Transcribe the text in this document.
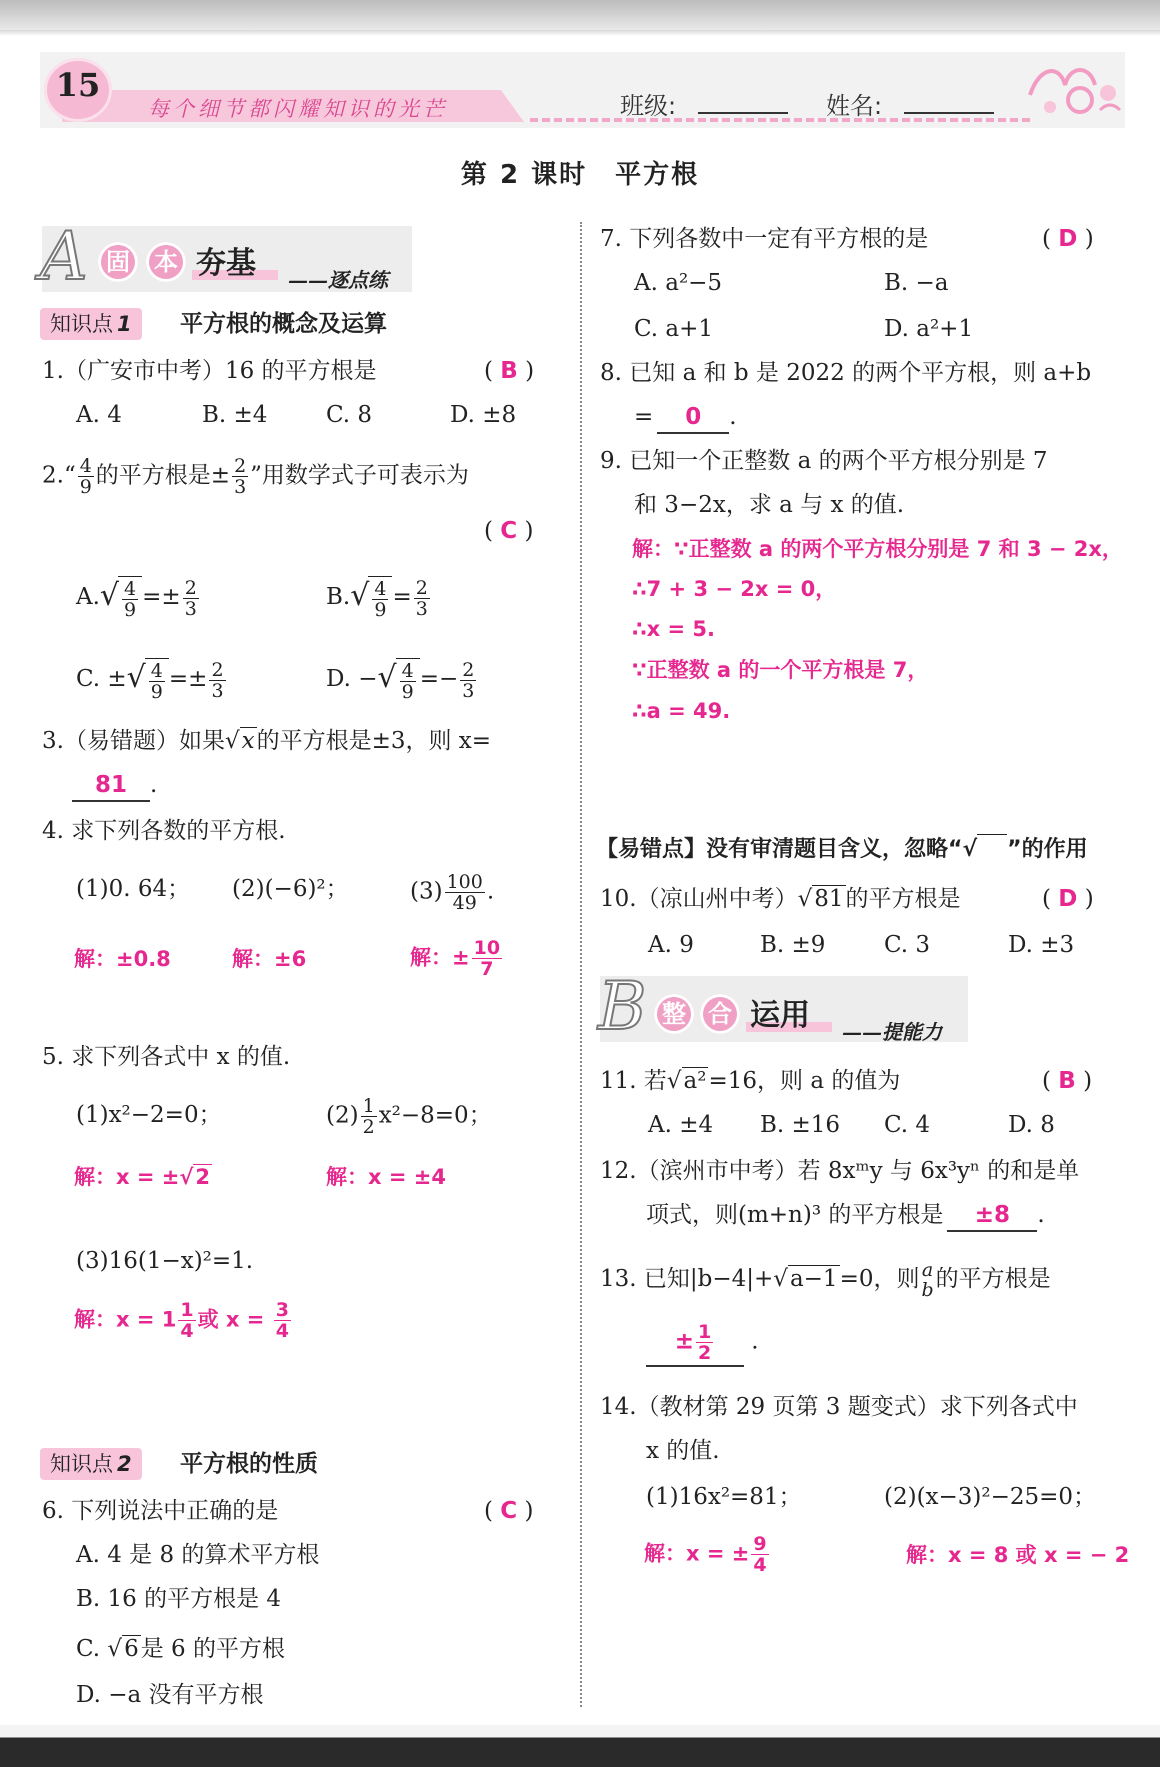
15
每个细节都闪耀知识的光芒	班级:	姓名:
第 2 课时　平方根
A 固	本 夯基 ——逐点练
知识点 1	平方根的概念及运算
1.（广安市中考）16 的平方根是	( B )
A. 4	B. ±4	C. 8	D. ±8
2.“ $\frac{4}{9}$ 的平方根是± $\frac{2}{3}$ ”用数学式子可表示为
( C )
A. √ $\frac{4}{9} =\pm \frac{2}{3}$	B. √ $\frac{4}{9} = \frac{2}{3}$
C. ± √ $\frac{4}{9} =\pm \frac{2}{3}$	D. − √ $\frac{4}{9} =- \frac{2}{3}$
3.（易错题）如果√x的平方根是±3，则 x=
81 .
4. 求下列各数的平方根.
(1)0. 64； (2)(−6)²；	$(3) \frac{100}{49}$ .
解：±0.8	解：±6	解：± $\frac{10}{7}$
5. 求下列各式中 x 的值.
(1)x²−2=0；	$(2) \frac{1}{2} x^2-8=0$；
解：x = ±√2	解：x = ±4
(3)16(1−x)²=1.
解：$x = 1 \frac{1}{4}$ 或 $x = \frac{3}{4}$
知识点 2	平方根的性质
6. 下列说法中正确的是	( C )
A. 4 是 8 的算术平方根
B. 16 的平方根是 4
C. √6是 6 的平方根
D. −a 没有平方根
7. 下列各数中一定有平方根的是	( D )
A. a²−5	B. −a
C. a+1	D. a²+1
8. 已知 a 和 b 是 2022 的两个平方根，则 a+b
= 0 .
9. 已知一个正整数 a 的两个平方根分别是 7
和 3−2x，求 a 与 x 的值.
解：∵正整数 a 的两个平方根分别是 7 和 3 − 2x，
∴7 + 3 − 2x = 0，
∴x = 5.
∵正整数 a 的一个平方根是 7，
∴a = 49.
【易错点】没有审清题目含义，忽略“√ ”的作用
10.（凉山州中考）√81的平方根是	( D )
A. 9	B. ±9	C. 3	D. ±3
B 整 合 运用 ——提能力
11. 若√a²=16，则 a 的值为	( B )
A. ±4 B. ±16 C. 4	D. 8
12.（滨州市中考）若 8xᵐy 与 6x³yⁿ 的和是单
项式，则(m+n)³ 的平方根是 ±8 .
13. 已知|b−4|+√a−1=0，则 a
b 的平方根是
± $\frac{1}{2}$ .
14.（教材第 29 页第 3 题变式）求下列各式中
x 的值.
(1)16x²=81；	(2)(x−3)²−25=0；
解：x = ± $\frac{9}{4}$	解：x = 8 或 x = − 2
